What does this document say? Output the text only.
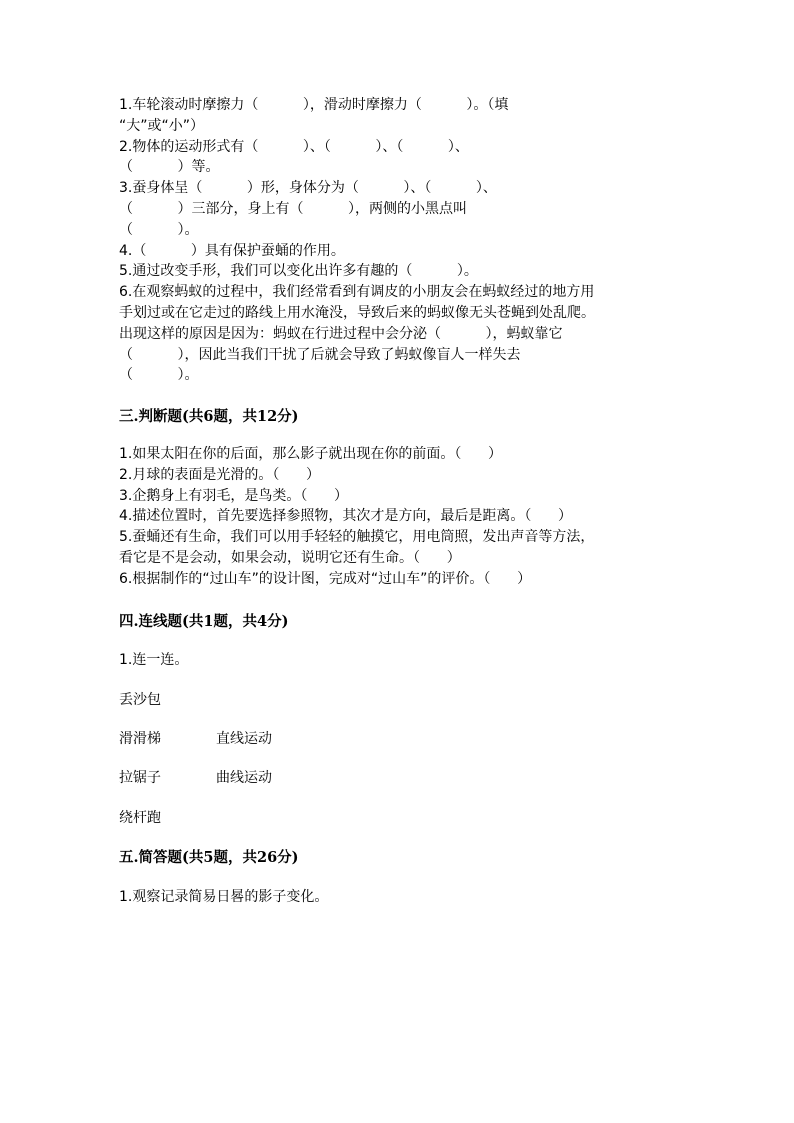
1.车轮滚动时摩擦力（          ），滑动时摩擦力（          ）。（填
“大”或“小”）
2.物体的运动形式有（          ）、（          ）、（          ）、
（          ）等。
3.蚕身体呈（          ）形，身体分为（          ）、（          ）、
（          ）三部分，身上有（          ），两侧的小黑点叫
（          ）。
4.（          ）具有保护蚕蛹的作用。
5.通过改变手形，我们可以变化出许多有趣的（          ）。
6.在观察蚂蚁的过程中，我们经常看到有调皮的小朋友会在蚂蚁经过的地方用
手划过或在它走过的路线上用水淹没，导致后来的蚂蚁像无头苍蝇到处乱爬。
出现这样的原因是因为：蚂蚁在行进过程中会分泌（          ），蚂蚁靠它
（          ），因此当我们干扰了后就会导致了蚂蚁像盲人一样失去
（          ）。
三.判断题(共6题，共12分)
1.如果太阳在你的后面，那么影子就出现在你的前面。（      ）
2.月球的表面是光滑的。（      ）
3.企鹅身上有羽毛，是鸟类。（      ）
4.描述位置时，首先要选择参照物，其次才是方向，最后是距离。（      ）
5.蚕蛹还有生命，我们可以用手轻轻的触摸它，用电筒照，发出声音等方法，
看它是不是会动，如果会动，说明它还有生命。（      ）
6.根据制作的“过山车”的设计图，完成对“过山车”的评价。（      ）
四.连线题(共1题，共4分)
1.连一连。
丢沙包
滑滑梯	直线运动
拉锯子	曲线运动
绕杆跑
五.简答题(共5题，共26分)
1.观察记录简易日晷的影子变化。
